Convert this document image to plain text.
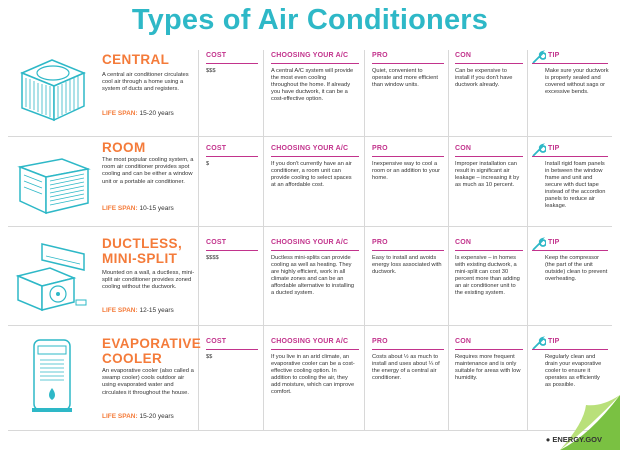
Types of Air Conditioners
CENTRAL
A central air conditioner circulates cool air through a home using a system of ducts and registers.
LIFE SPAN: 15-20 years
COST
$$$
CHOOSING YOUR A/C
A central A/C system will provide the most even cooling throughout the home. If already you have ductwork, it can be a cost-effective option.
PRO
Quiet, convenient to operate and more efficient than window units.
CON
Can be expensive to install if you don't have ductwork already.
TIP
Make sure your ductwork is properly sealed and covered without sags or excessive bends.
ROOM
The most popular cooling system, a room air conditioner provides spot cooling and can be either a window unit or a portable air conditioner.
LIFE SPAN: 10-15 years
COST
$
CHOOSING YOUR A/C
If you don't currently have an air conditioner, a room unit can provide cooling to select spaces at an affordable cost.
PRO
Inexpensive way to cool a room or an addition to your home.
CON
Improper installation can result in significant air leakage – increasing it by as much as 10 percent.
TIP
Install rigid foam panels in between the window frame and unit and secure with duct tape instead of the accordion panels to reduce air leakage.
DUCTLESS,
MINI-SPLIT
Mounted on a wall, a ductless, mini-split air conditioner provides zoned cooling without the ductwork.
LIFE SPAN: 12-15 years
COST
$$$$
CHOOSING YOUR A/C
Ductless mini-splits can provide cooling as well as heating. They are highly efficient, work in all climate zones and can be an affordable alternative to installing a ducted system.
PRO
Easy to install and avoids energy loss associated with ductwork.
CON
Is expensive – in homes with existing ductwork, a mini-split can cost 30 percent more than adding an air conditioner unit to the existing system.
TIP
Keep the compressor (the part of the unit outside) clean to prevent overheating.
EVAPORATIVE
COOLER
An evaporative cooler (also called a swamp cooler) cools outdoor air using evaporated water and circulates it throughout the house.
LIFE SPAN: 15-20 years
COST
$$
CHOOSING YOUR A/C
If you live in an arid climate, an evaporative cooler can be a cost-effective cooling option. In addition to cooling the air, they add moisture, which can improve comfort.
PRO
Costs about ½ as much to install and uses about ¼ of the energy of a central air conditioner.
CON
Requires more frequent maintenance and is only suitable for areas with low humidity.
TIP
Regularly clean and drain your evaporative cooler to ensure it operates as efficiently as possible.
● ENERGY.GOV
